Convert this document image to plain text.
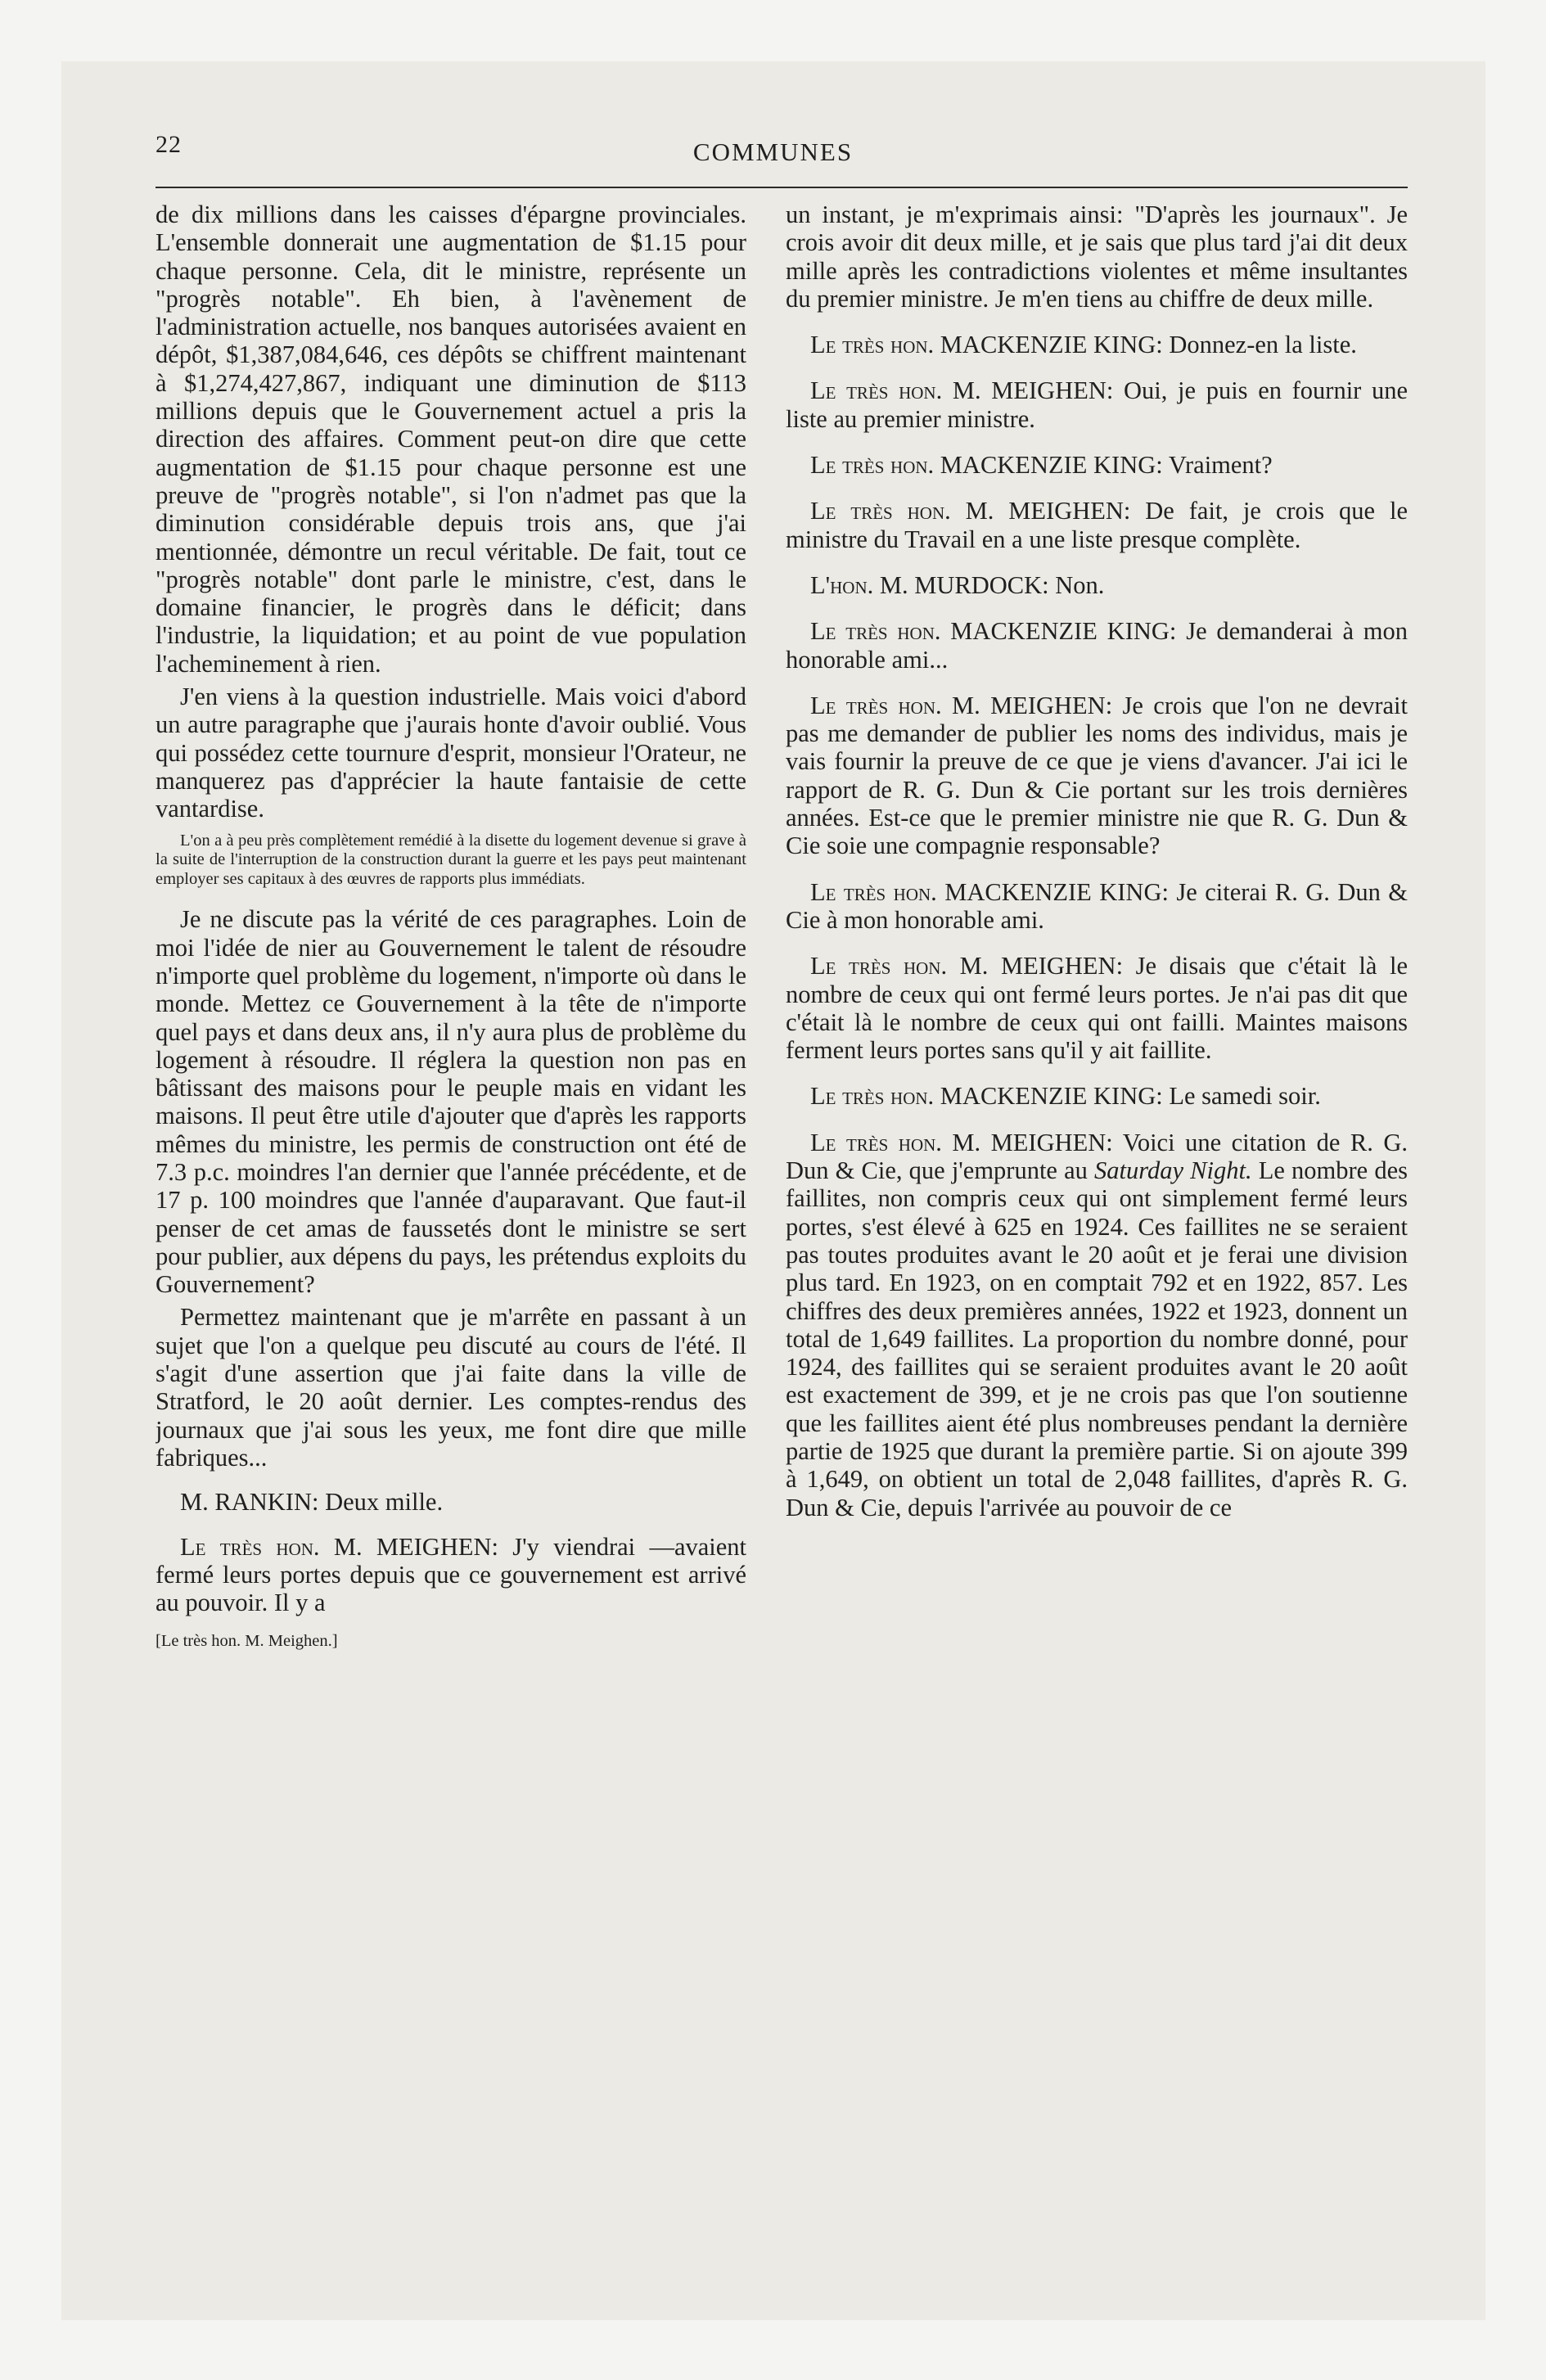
22	COMMUNES

de dix millions dans les caisses d'épargne provinciales. L'ensemble donnerait une augmentation de $1.15 pour chaque personne. Cela, dit le ministre, représente un "progrès notable". Eh bien, à l'avènement de l'administration actuelle, nos banques autorisées avaient en dépôt, $1,387,084,646, ces dépôts se chiffrent maintenant à $1,274,427,867, indiquant une diminution de $113 millions depuis que le Gouvernement actuel a pris la direction des affaires. Comment peut-on dire que cette augmentation de $1.15 pour chaque personne est une preuve de "progrès notable", si l'on n'admet pas que la diminution considérable depuis trois ans, que j'ai mentionnée, démontre un recul véritable. De fait, tout ce "progrès notable" dont parle le ministre, c'est, dans le domaine financier, le progrès dans le déficit; dans l'industrie, la liquidation; et au point de vue population l'acheminement à rien.

J'en viens à la question industrielle. Mais voici d'abord un autre paragraphe que j'aurais honte d'avoir oublié. Vous qui possédez cette tournure d'esprit, monsieur l'Orateur, ne manquerez pas d'apprécier la haute fantaisie de cette vantardise.

L'on a à peu près complètement remédié à la disette du logement devenue si grave à la suite de l'interruption de la construction durant la guerre et les pays peut maintenant employer ses capitaux à des œuvres de rapports plus immédiats.

Je ne discute pas la vérité de ces paragraphes. Loin de moi l'idée de nier au Gouvernement le talent de résoudre n'importe quel problème du logement, n'importe où dans le monde. Mettez ce Gouvernement à la tête de n'importe quel pays et dans deux ans, il n'y aura plus de problème du logement à résoudre. Il réglera la question non pas en bâtissant des maisons pour le peuple mais en vidant les maisons. Il peut être utile d'ajouter que d'après les rapports mêmes du ministre, les permis de construction ont été de 7.3 p.c. moindres l'an dernier que l'année précédente, et de 17 p. 100 moindres que l'année d'auparavant. Que faut-il penser de cet amas de faussetés dont le ministre se sert pour publier, aux dépens du pays, les prétendus exploits du Gouvernement?

Permettez maintenant que je m'arrête en passant à un sujet que l'on a quelque peu discuté au cours de l'été. Il s'agit d'une assertion que j'ai faite dans la ville de Stratford, le 20 août dernier. Les comptes-rendus des journaux que j'ai sous les yeux, me font dire que mille fabriques...

M. RANKIN: Deux mille.

Le très hon. M. MEIGHEN: J'y viendrai —avaient fermé leurs portes depuis que ce gouvernement est arrivé au pouvoir. Il y a

[Le très hon. M. Meighen.]

un instant, je m'exprimais ainsi: "D'après les journaux". Je crois avoir dit deux mille, et je sais que plus tard j'ai dit deux mille après les contradictions violentes et même insultantes du premier ministre. Je m'en tiens au chiffre de deux mille.

Le très hon. MACKENZIE KING: Donnez-en la liste.

Le très hon. M. MEIGHEN: Oui, je puis en fournir une liste au premier ministre.

Le très hon. MACKENZIE KING: Vraiment?

Le très hon. M. MEIGHEN: De fait, je crois que le ministre du Travail en a une liste presque complète.

L'hon. M. MURDOCK: Non.

Le très hon. MACKENZIE KING: Je demanderai à mon honorable ami...

Le très hon. M. MEIGHEN: Je crois que l'on ne devrait pas me demander de publier les noms des individus, mais je vais fournir la preuve de ce que je viens d'avancer. J'ai ici le rapport de R. G. Dun & Cie portant sur les trois dernières années. Est-ce que le premier ministre nie que R. G. Dun & Cie soie une compagnie responsable?

Le très hon. MACKENZIE KING: Je citerai R. G. Dun & Cie à mon honorable ami.

Le très hon. M. MEIGHEN: Je disais que c'était là le nombre de ceux qui ont fermé leurs portes. Je n'ai pas dit que c'était là le nombre de ceux qui ont failli. Maintes maisons ferment leurs portes sans qu'il y ait faillite.

Le très hon. MACKENZIE KING: Le samedi soir.

Le très hon. M. MEIGHEN: Voici une citation de R. G. Dun & Cie, que j'emprunte au Saturday Night. Le nombre des faillites, non compris ceux qui ont simplement fermé leurs portes, s'est élevé à 625 en 1924. Ces faillites ne se seraient pas toutes produites avant le 20 août et je ferai une division plus tard. En 1923, on en comptait 792 et en 1922, 857. Les chiffres des deux premières années, 1922 et 1923, donnent un total de 1,649 faillites. La proportion du nombre donné, pour 1924, des faillites qui se seraient produites avant le 20 août est exactement de 399, et je ne crois pas que l'on soutienne que les faillites aient été plus nombreuses pendant la dernière partie de 1925 que durant la première partie. Si on ajoute 399 à 1,649, on obtient un total de 2,048 faillites, d'après R. G. Dun & Cie, depuis l'arrivée au pouvoir de ce
